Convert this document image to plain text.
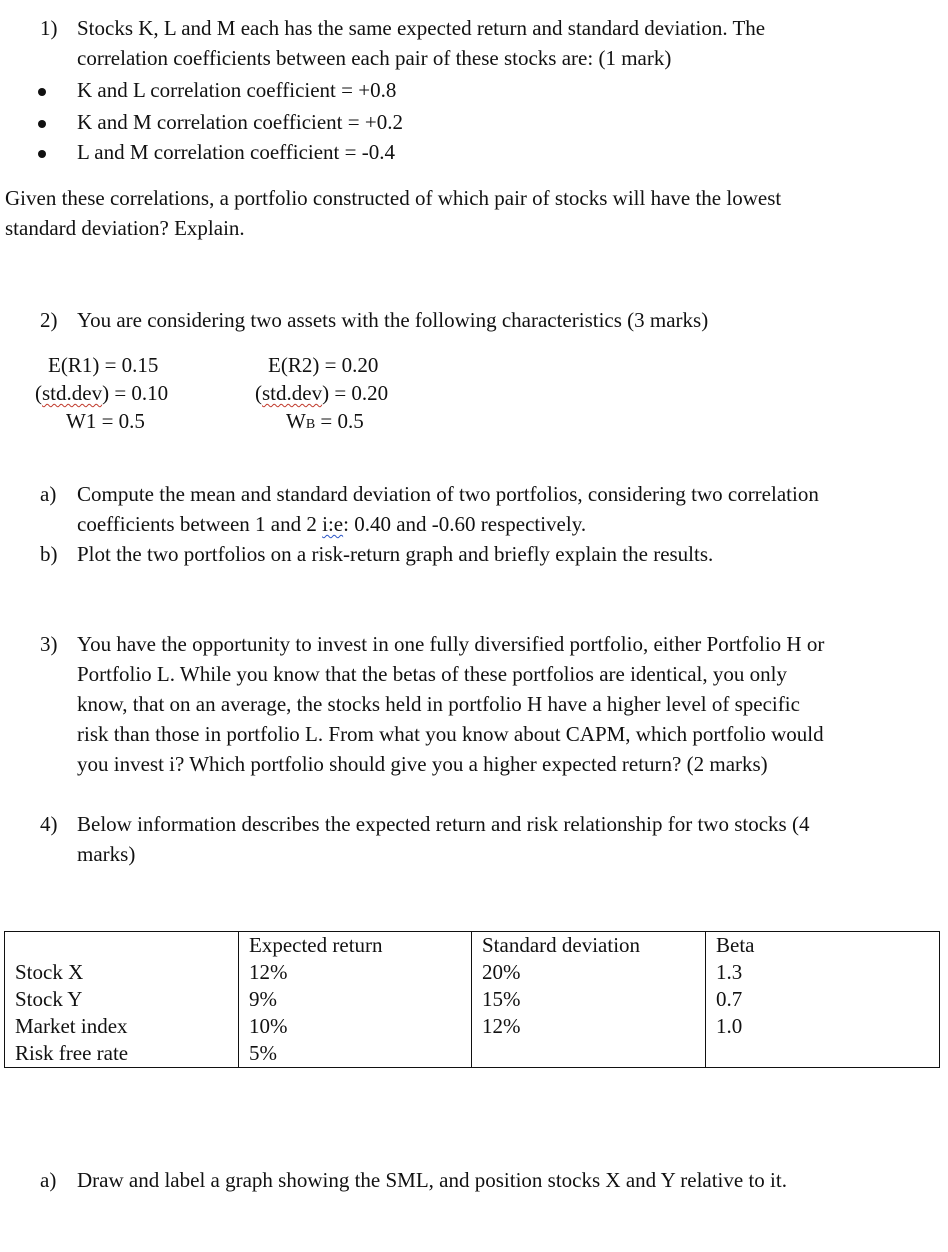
1) Stocks K, L and M each has the same expected return and standard deviation. The
correlation coefficients between each pair of these stocks are: (1 mark)
K and L correlation coefficient = +0.8
K and M correlation coefficient = +0.2
L and M correlation coefficient = -0.4
Given these correlations, a portfolio constructed of which pair of stocks will have the lowest
standard deviation? Explain.
2) You are considering two assets with the following characteristics (3 marks)
E(R1) = 0.15
(std.dev) = 0.10
W1 = 0.5
E(R2) = 0.20
(std.dev) = 0.20
WB = 0.5
a) Compute the mean and standard deviation of two portfolios, considering two correlation
coefficients between 1 and 2 i:e: 0.40 and -0.60 respectively.
b) Plot the two portfolios on a risk-return graph and briefly explain the results.
3) You have the opportunity to invest in one fully diversified portfolio, either Portfolio H or
Portfolio L. While you know that the betas of these portfolios are identical, you only
know, that on an average, the stocks held in portfolio H have a higher level of specific
risk than those in portfolio L. From what you know about CAPM, which portfolio would
you invest i? Which portfolio should give you a higher expected return? (2 marks)
4) Below information describes the expected return and risk relationship for two stocks (4
marks)
	Expected return	Standard deviation	Beta
Stock X	12%	20%	1.3
Stock Y	9%	15%	0.7
Market index	10%	12%	1.0
Risk free rate	5%		
a) Draw and label a graph showing the SML, and position stocks X and Y relative to it.
